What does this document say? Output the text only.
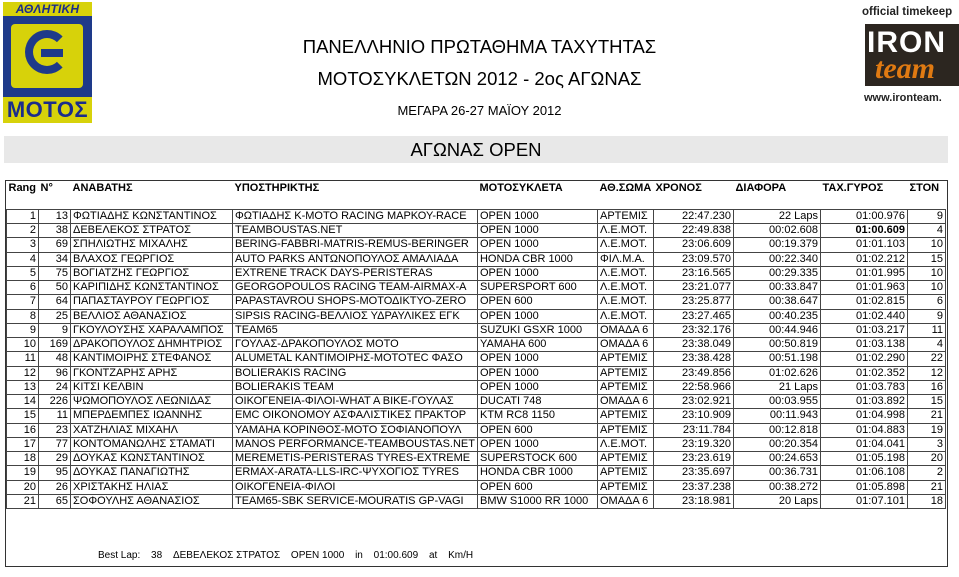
ΑΘΛΗΤΙΚΗ
ΜΟΤΟΣ
official timekeep
IRON
team
www.ironteam.
ΠΑΝΕΛΛΗΝΙΟ ΠΡΩΤΑΘΗΜΑ ΤΑΧΥΤΗΤΑΣ
ΜΟΤΟΣΥΚΛΕΤΩΝ 2012 - 2ος ΑΓΩΝΑΣ
ΜΕΓΑΡΑ 26-27 ΜΑΪΟΥ 2012
ΑΓΩΝΑΣ OPEN
Rang	N°	ΑΝΑΒΑΤΗΣ	ΥΠΟΣΤΗΡΙΚΤΗΣ	ΜΟΤΟΣΥΚΛΕΤΑ	ΑΘ.ΣΩΜΑ	ΧΡΟΝΟΣ	ΔΙΑΦΟΡΑ	ΤΑΧ.ΓΥΡΟΣ	ΣΤΟΝ

1	13	ΦΩΤΙΑΔΗΣ ΚΩΝΣΤΑΝΤΙΝΟΣ	ΦΩΤΙΑΔΗΣ Κ-MOTO RACING ΜΑΡΚΟΥ-RACE	OPEN 1000	ΑΡΤΕΜΙΣ	22:47.230	22 Laps	01:00.976	9
2	38	ΔΕΒΕΛΕΚΟΣ ΣΤΡΑΤΟΣ	TEAMBOUSTAS.NET	OPEN 1000	Λ.Ε.ΜΟΤ.	22:49.838	00:02.608	01:00.609	4
3	69	ΣΠΗΛΙΩΤΗΣ ΜΙΧΑΛΗΣ	BERING-FABBRI-MATRIS-REMUS-BERINGER	OPEN 1000	Λ.Ε.ΜΟΤ.	23:06.609	00:19.379	01:01.103	10
4	34	ΒΛΑΧΟΣ ΓΕΩΡΓΙΟΣ	AUTO PARKS ΑΝΤΩΝΟΠΟΥΛΟΣ ΑΜΑΛΙΑΔΑ	HONDA CBR 1000	ΦΙΛ.Μ.Α.	23:09.570	00:22.340	01:02.212	15
5	75	ΒΟΓΙΑΤΖΗΣ ΓΕΩΡΓΙΟΣ	EXTRENE TRACK DAYS-PERISTERAS	OPEN 1000	Λ.Ε.ΜΟΤ.	23:16.565	00:29.335	01:01.995	10
6	50	ΚΑΡΙΠΙΔΗΣ ΚΩΝΣΤΑΝΤΙΝΟΣ	GEORGOPOULOS RACING TEAM-AIRMAX-A	SUPERSPORT 600	Λ.Ε.ΜΟΤ.	23:21.077	00:33.847	01:01.963	10
7	64	ΠΑΠΑΣΤΑΥΡΟΥ ΓΕΩΡΓΙΟΣ	PAPASTAVROU SHOPS-ΜΟΤΟΔΙΚΤΥΟ-ZERO	OPEN 600	Λ.Ε.ΜΟΤ.	23:25.877	00:38.647	01:02.815	6
8	25	ΒΕΛΛΙΟΣ ΑΘΑΝΑΣΙΟΣ	SIPSIS RACING-ΒΕΛΛΙΟΣ ΥΔΡΑΥΛΙΚΕΣ ΕΓΚ	OPEN 1000	Λ.Ε.ΜΟΤ.	23:27.465	00:40.235	01:02.440	9
9	9	ΓΚΟΥΛΟΥΣΗΣ ΧΑΡΑΛΑΜΠΟΣ	TEAM65	SUZUKI GSXR 1000	ΟΜΑΔΑ 6	23:32.176	00:44.946	01:03.217	11
10	169	ΔΡΑΚΟΠΟΥΛΟΣ ΔΗΜΗΤΡΙΟΣ	ΓΟΥΛΑΣ-ΔΡΑΚΟΠΟΥΛΟΣ ΜΟΤΟ	YAMAHA 600	ΟΜΑΔΑ 6	23:38.049	00:50.819	01:03.138	4
11	48	ΚΑΝΤΙΜΟΙΡΗΣ ΣΤΕΦΑΝΟΣ	ALUMETAL ΚΑΝΤΙΜΟΙΡΗΣ-ΜΟΤΟΤΕC ΦΑΣΟ	OPEN 1000	ΑΡΤΕΜΙΣ	23:38.428	00:51.198	01:02.290	22
12	96	ΓΚΟΝΤΖΑΡΗΣ ΑΡΗΣ	BOLIERAKIS RACING	OPEN 1000	ΑΡΤΕΜΙΣ	23:49.856	01:02.626	01:02.352	12
13	24	ΚΙΤΣΙ ΚΕΛΒΙΝ	BOLIERAKIS TEAM	OPEN 1000	ΑΡΤΕΜΙΣ	22:58.966	21 Laps	01:03.783	16
14	226	ΨΩΜΟΠΟΥΛΟΣ ΛΕΩΝΙΔΑΣ	ΟΙΚΟΓΕΝΕΙΑ-ΦΙΛΟΙ-WHAT A BIKE-ΓΟΥΛΑΣ	DUCATI 748	ΟΜΑΔΑ 6	23:02.921	00:03.955	01:03.892	15
15	11	ΜΠΕΡΔΕΜΠΕΣ ΙΩΑΝΝΗΣ	EMC ΟΙΚΟΝΟΜΟΥ ΑΣΦΑΛΙΣΤΙΚΕΣ ΠΡΑΚΤΟΡ	KTM RC8 1150	ΑΡΤΕΜΙΣ	23:10.909	00:11.943	01:04.998	21
16	23	ΧΑΤΖΗΛΙΑΣ ΜΙΧΑΗΛ	YAMAHA ΚΟΡΙΝΘΟΣ-ΜΟΤΟ ΣΟΦΙΑΝΟΠΟΥΛ	OPEN 600	ΑΡΤΕΜΙΣ	23:11.784	00:12.818	01:04.883	19
17	77	ΚΟΝΤΟΜΑΝΩΛΗΣ ΣΤΑΜΑΤΙ	MANOS PERFORMANCE-TEAMBOUSTAS.NET	OPEN 1000	Λ.Ε.ΜΟΤ.	23:19.320	00:20.354	01:04.041	3
18	29	ΔΟΥΚΑΣ ΚΩΝΣΤΑΝΤΙΝΟΣ	MEREMETIS-PERISTERAS TYRES-EXTREME	SUPERSTOCK 600	ΑΡΤΕΜΙΣ	23:23.619	00:24.653	01:05.198	20
19	95	ΔΟΥΚΑΣ ΠΑΝΑΓΙΩΤΗΣ	ERMAX-ARATA-LLS-IRC-ΨΥΧΟΓΙΟΣ TYRES	HONDA CBR 1000	ΑΡΤΕΜΙΣ	23:35.697	00:36.731	01:06.108	2
20	26	ΧΡΙΣΤΑΚΗΣ ΗΛΙΑΣ	ΟΙΚΟΓΕΝΕΙΑ-ΦΙΛΟΙ	OPEN 600	ΑΡΤΕΜΙΣ	23:37.238	00:38.272	01:05.898	21
21	65	ΣΟΦΟΥΛΗΣ ΑΘΑΝΑΣΙΟΣ	TEAM65-SBK SERVICE-MOURATIS GP-VAGI	BMW S1000 RR 1000	ΟΜΑΔΑ 6	23:18.981	20 Laps	01:07.101	18
Best Lap: 38 ΔΕΒΕΛΕΚΟΣ ΣΤΡΑΤΟΣ OPEN 1000 in 01:00.609 at Km/H
